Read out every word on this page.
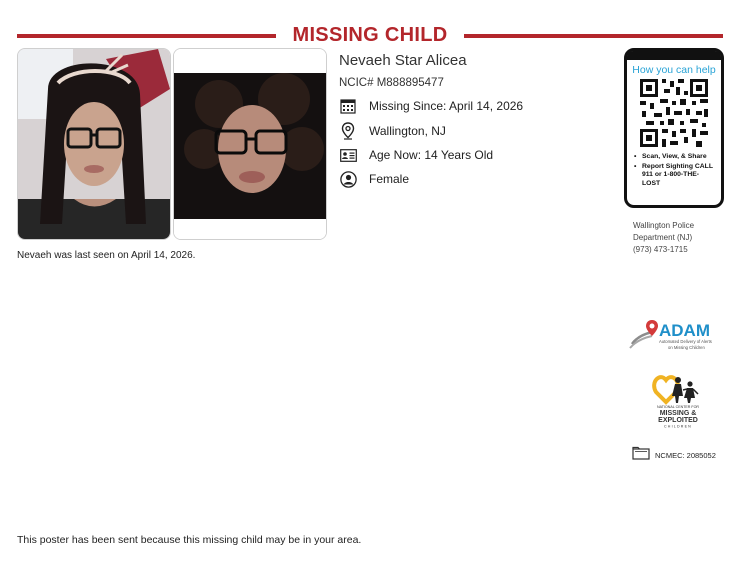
MISSING CHILD
Nevaeh was last seen on April 14, 2026.
Nevaeh Star Alicea
NCIC# M888895477
Missing Since: April 14, 2026
Wallington, NJ
Age Now: 14 Years Old
Female
How you can help
• Scan, View, & Share
• Report Sighting CALL 911 or 1-800-THE-LOST
Wallington Police
Department (NJ)
(973) 473-1715
ADAM
Automated Delivery of Alerts
on Missing Children
NATIONAL CENTER FOR
MISSING &
EXPLOITED
CHILDREN
NCMEC: 2085052
This poster has been sent because this missing child may be in your area.
